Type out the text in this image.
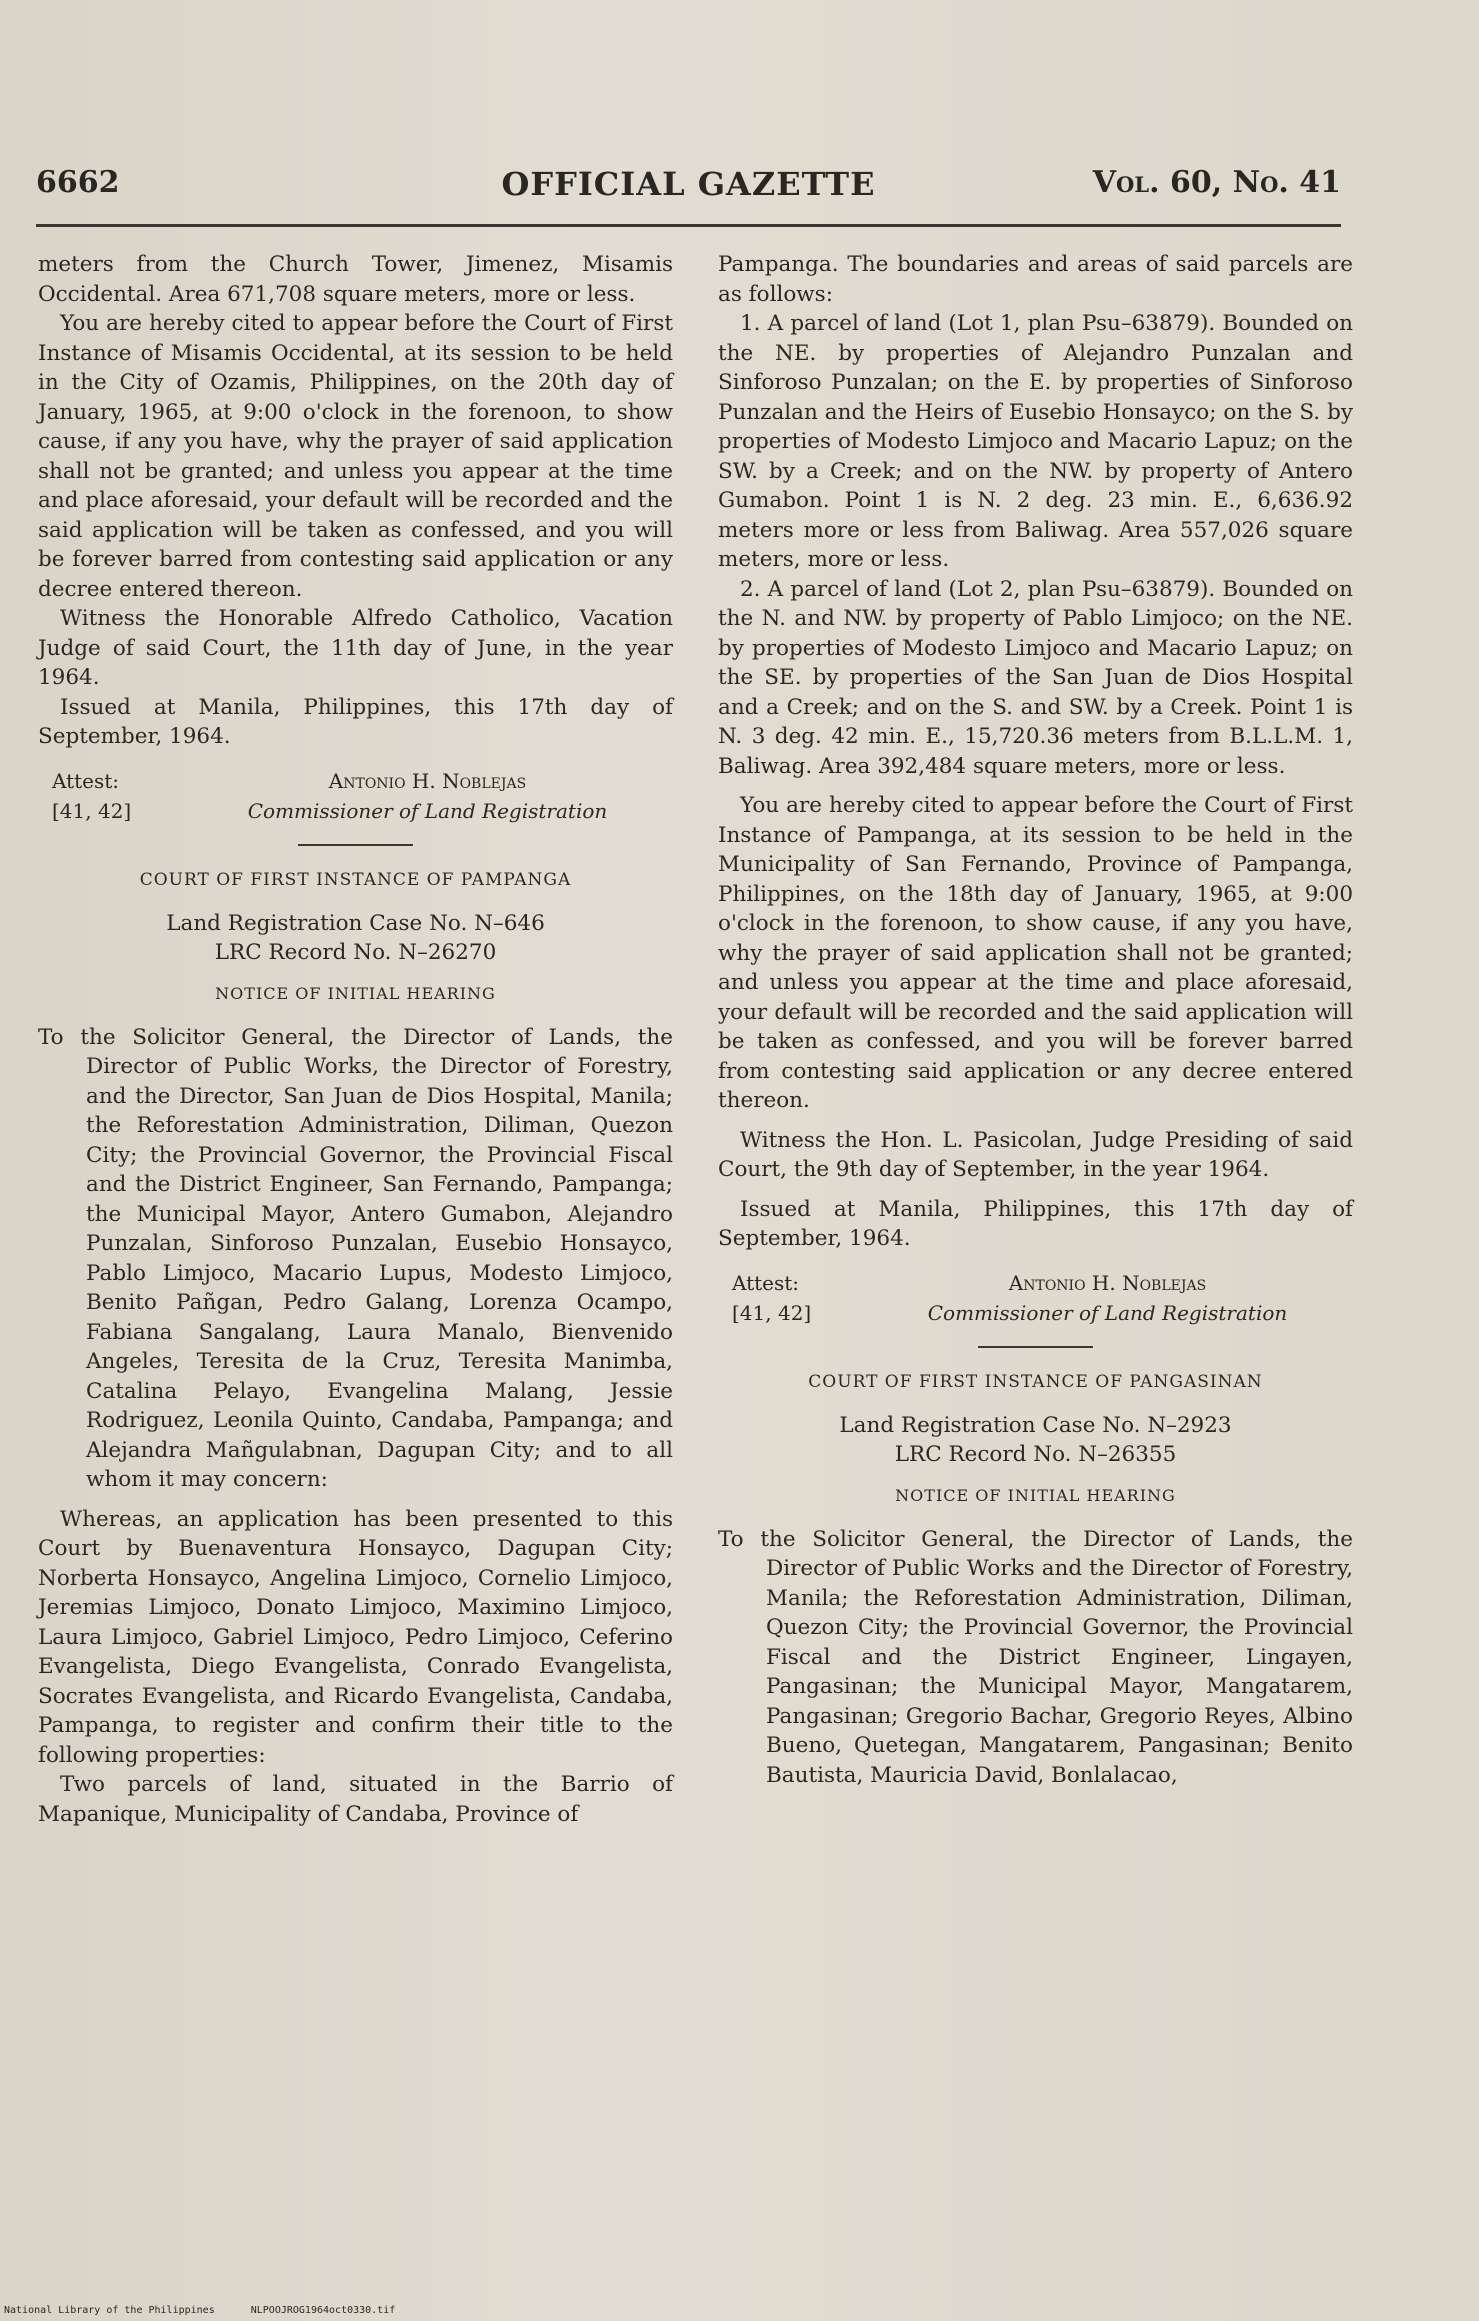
6662	OFFICIAL GAZETTE	Vol. 60, No. 41

meters from the Church Tower, Jimenez, Misamis Occidental. Area 671,708 square meters, more or less.

You are hereby cited to appear before the Court of First Instance of Misamis Occidental, at its session to be held in the City of Ozamis, Philippines, on the 20th day of January, 1965, at 9:00 o'clock in the forenoon, to show cause, if any you have, why the prayer of said application shall not be granted; and unless you appear at the time and place aforesaid, your default will be recorded and the said application will be taken as confessed, and you will be forever barred from contesting said application or any decree entered thereon.

Witness the Honorable Alfredo Catholico, Vacation Judge of said Court, the 11th day of June, in the year 1964.

Issued at Manila, Philippines, this 17th day of September, 1964.

Attest:
[41, 42]
Antonio H. Noblejas
Commissioner of Land Registration
COURT OF FIRST INSTANCE OF PAMPANGA
Land Registration Case No. N–646
LRC Record No. N–26270
NOTICE OF INITIAL HEARING

To the Solicitor General, the Director of Lands, the Director of Public Works, the Director of Forestry, and the Director, San Juan de Dios Hospital, Manila; the Reforestation Administration, Diliman, Quezon City; the Provincial Governor, the Provincial Fiscal and the District Engineer, San Fernando, Pampanga; the Municipal Mayor, Antero Gumabon, Alejandro Punzalan, Sinforoso Punzalan, Eusebio Honsayco, Pablo Limjoco, Macario Lupus, Modesto Limjoco, Benito Pañgan, Pedro Galang, Lorenza Ocampo, Fabiana Sangalang, Laura Manalo, Bienvenido Angeles, Teresita de la Cruz, Teresita Manimba, Catalina Pelayo, Evangelina Malang, Jessie Rodriguez, Leonila Quinto, Candaba, Pampanga; and Alejandra Mañgulabnan, Dagupan City; and to all whom it may concern:

Whereas, an application has been presented to this Court by Buenaventura Honsayco, Dagupan City; Norberta Honsayco, Angelina Limjoco, Cornelio Limjoco, Jeremias Limjoco, Donato Limjoco, Maximino Limjoco, Laura Limjoco, Gabriel Limjoco, Pedro Limjoco, Ceferino Evangelista, Diego Evangelista, Conrado Evangelista, Socrates Evangelista, and Ricardo Evangelista, Candaba, Pampanga, to register and confirm their title to the following properties:

Two parcels of land, situated in the Barrio of Mapanique, Municipality of Candaba, Province of

Pampanga. The boundaries and areas of said parcels are as follows:

1. A parcel of land (Lot 1, plan Psu–63879). Bounded on the NE. by properties of Alejandro Punzalan and Sinforoso Punzalan; on the E. by properties of Sinforoso Punzalan and the Heirs of Eusebio Honsayco; on the S. by properties of Modesto Limjoco and Macario Lapuz; on the SW. by a Creek; and on the NW. by property of Antero Gumabon. Point 1 is N. 2 deg. 23 min. E., 6,636.92 meters more or less from Baliwag. Area 557,026 square meters, more or less.

2. A parcel of land (Lot 2, plan Psu–63879). Bounded on the N. and NW. by property of Pablo Limjoco; on the NE. by properties of Modesto Limjoco and Macario Lapuz; on the SE. by properties of the San Juan de Dios Hospital and a Creek; and on the S. and SW. by a Creek. Point 1 is N. 3 deg. 42 min. E., 15,720.36 meters from B.L.L.M. 1, Baliwag. Area 392,484 square meters, more or less.

You are hereby cited to appear before the Court of First Instance of Pampanga, at its session to be held in the Municipality of San Fernando, Province of Pampanga, Philippines, on the 18th day of January, 1965, at 9:00 o'clock in the forenoon, to show cause, if any you have, why the prayer of said application shall not be granted; and unless you appear at the time and place aforesaid, your default will be recorded and the said application will be taken as confessed, and you will be forever barred from contesting said application or any decree entered thereon.

Witness the Hon. L. Pasicolan, Judge Presiding of said Court, the 9th day of September, in the year 1964.

Issued at Manila, Philippines, this 17th day of September, 1964.

Attest:
[41, 42]
Antonio H. Noblejas
Commissioner of Land Registration
COURT OF FIRST INSTANCE OF PANGASINAN
Land Registration Case No. N–2923
LRC Record No. N–26355
NOTICE OF INITIAL HEARING

To the Solicitor General, the Director of Lands, the Director of Public Works and the Director of Forestry, Manila; the Reforestation Administration, Diliman, Quezon City; the Provincial Governor, the Provincial Fiscal and the District Engineer, Lingayen, Pangasinan; the Municipal Mayor, Mangatarem, Pangasinan; Gregorio Bachar, Gregorio Reyes, Albino Bueno, Quetegan, Mangatarem, Pangasinan; Benito Bautista, Mauricia David, Bonlalacao,

National Library of the Philippines	NLPOOJROG1964oct0330.tif
